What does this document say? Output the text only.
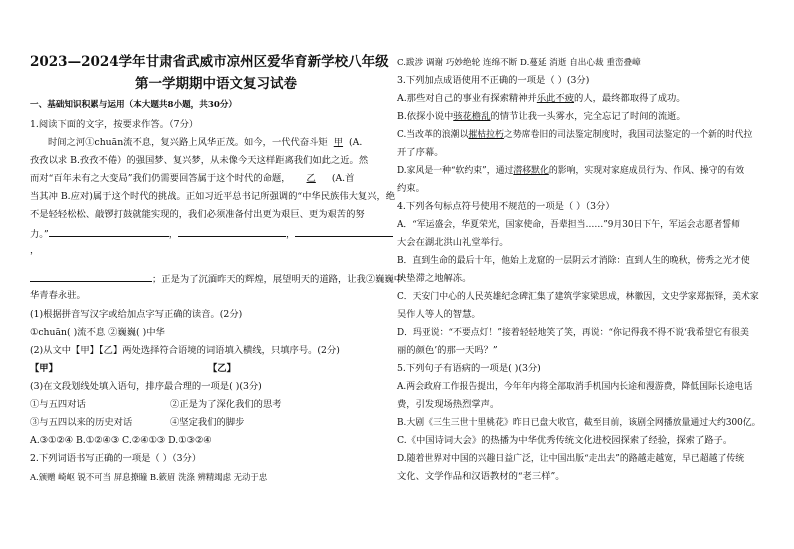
2023—2024学年甘肃省武威市凉州区爱华育新学校八年级
第一学期期中语文复习试卷
一、基础知识积累与运用（本大题共8小题，共30分）
1.阅读下面的文字，按要求作答。（7分）
时间之河①chuān流不息，复兴路上风华正茂。如今，一代代奋斗矩 甲 (A.
孜孜以求 B.孜孜不倦）的强国梦、复兴梦，从未像今天这样距离我们如此之近。然
而对“百年未有之大变局”我们仍需要回答属于这个时代的命题， 乙 (A.首
当其冲 B.应对)属于这个时代的挑战。正如习近平总书记所强调的“中华民族伟大复兴，绝
不是轻轻松松、敲锣打鼓就能实现的，我们必须准备付出更为艰巨、更为艰苦的努
力。”	，	，
，
；正是为了沉湎昨天的辉煌，展望明天的道路，让我②巍巍中
华青春永驻。
(1)根据拼音写汉字或给加点字写正确的读音。(2分)
①chuān( )流不息 ②巍巍( )中华
(2)从文中【甲】【乙】两处选择符合语境的词语填入横线，只填序号。(2分)
【甲】	【乙】
(3)在文段划线处填入语句，排序最合理的一项是( )(3分)
①与五四对话	②正是为了深化我们的思考
③与五四以来的历史对话	④坚定我们的脚步
A.③①②④ B.①②④③ C.②④①③ D.①③②④
2.下列词语书写正确的一项是（ ）（3分）
A.颁赠 崎岖 锐不可当 屏息撩瞳 B.簌眉 洗涤 辨精竭虑 无动于忠
C.跋涉 调谢 巧妙绝轮 连绵不断 D.蔓延 消逝 自出心裁 重峦叠嶂
3.下列加点成语使用不正确的一项是（ ）(3分)
A.那些对自己的事业有探索精神并乐此不疲的人，最终都取得了成功。
B.依探小说中骇花檐乱的情节让我一头雾水，完全忘记了时间的流逝。
C.当改革的浪潮以摧枯拉朽之势席卷旧的司法鉴定制度时，我国司法鉴定的一个新的时代拉
开了序幕。
D.家风是一种“软约束”，通过潜移默化的影响，实现对家庭成员行为、作风、操守的有效
约束。
4.下列各句标点符号使用不规范的一项是（ ）（3分）
A．“军运盛会，华夏荣光，国家使命，吾辈担当……”9月30日下午，军运会志愿者誓师
大会在湖北洪山礼堂举行。
B．直到生命的最后十年，他始上龙窟的一层阴云才消除：直到人生的晚秋，傍秀之光才使
块垫滞之地解冻。
C．天安门中心的人民英雄纪念碑汇集了建筑学家梁思成，林徽因，文史学家郑振铎，美术家
吴作人等人的智慧。
D．玛亚说：“不要点灯！”接着轻轻地笑了笑，再说：“你记得我不得不说‘我希望它有很美
丽的颜色’的那一天吗？”
5.下列句子有语病的一项是( )(3分)
A.两会政府工作报告提出，今年年内将全部取消手机国内长途和漫游费，降低国际长途电话
费，引发现场热烈掌声。
B.大剧《三生三世十里桃花》昨日已盘大收官，截至目前，该剧全网播放量通过大约300亿。
C.《中国诗词大会》的热播为中华优秀传统文化进校园探索了经验，探索了路子。
D.随着世界对中国的兴趣日益广泛，让中国出版“走出去”的路越走越宽，早已超越了传统
文化、文学作品和汉语教材的“老三样”。
